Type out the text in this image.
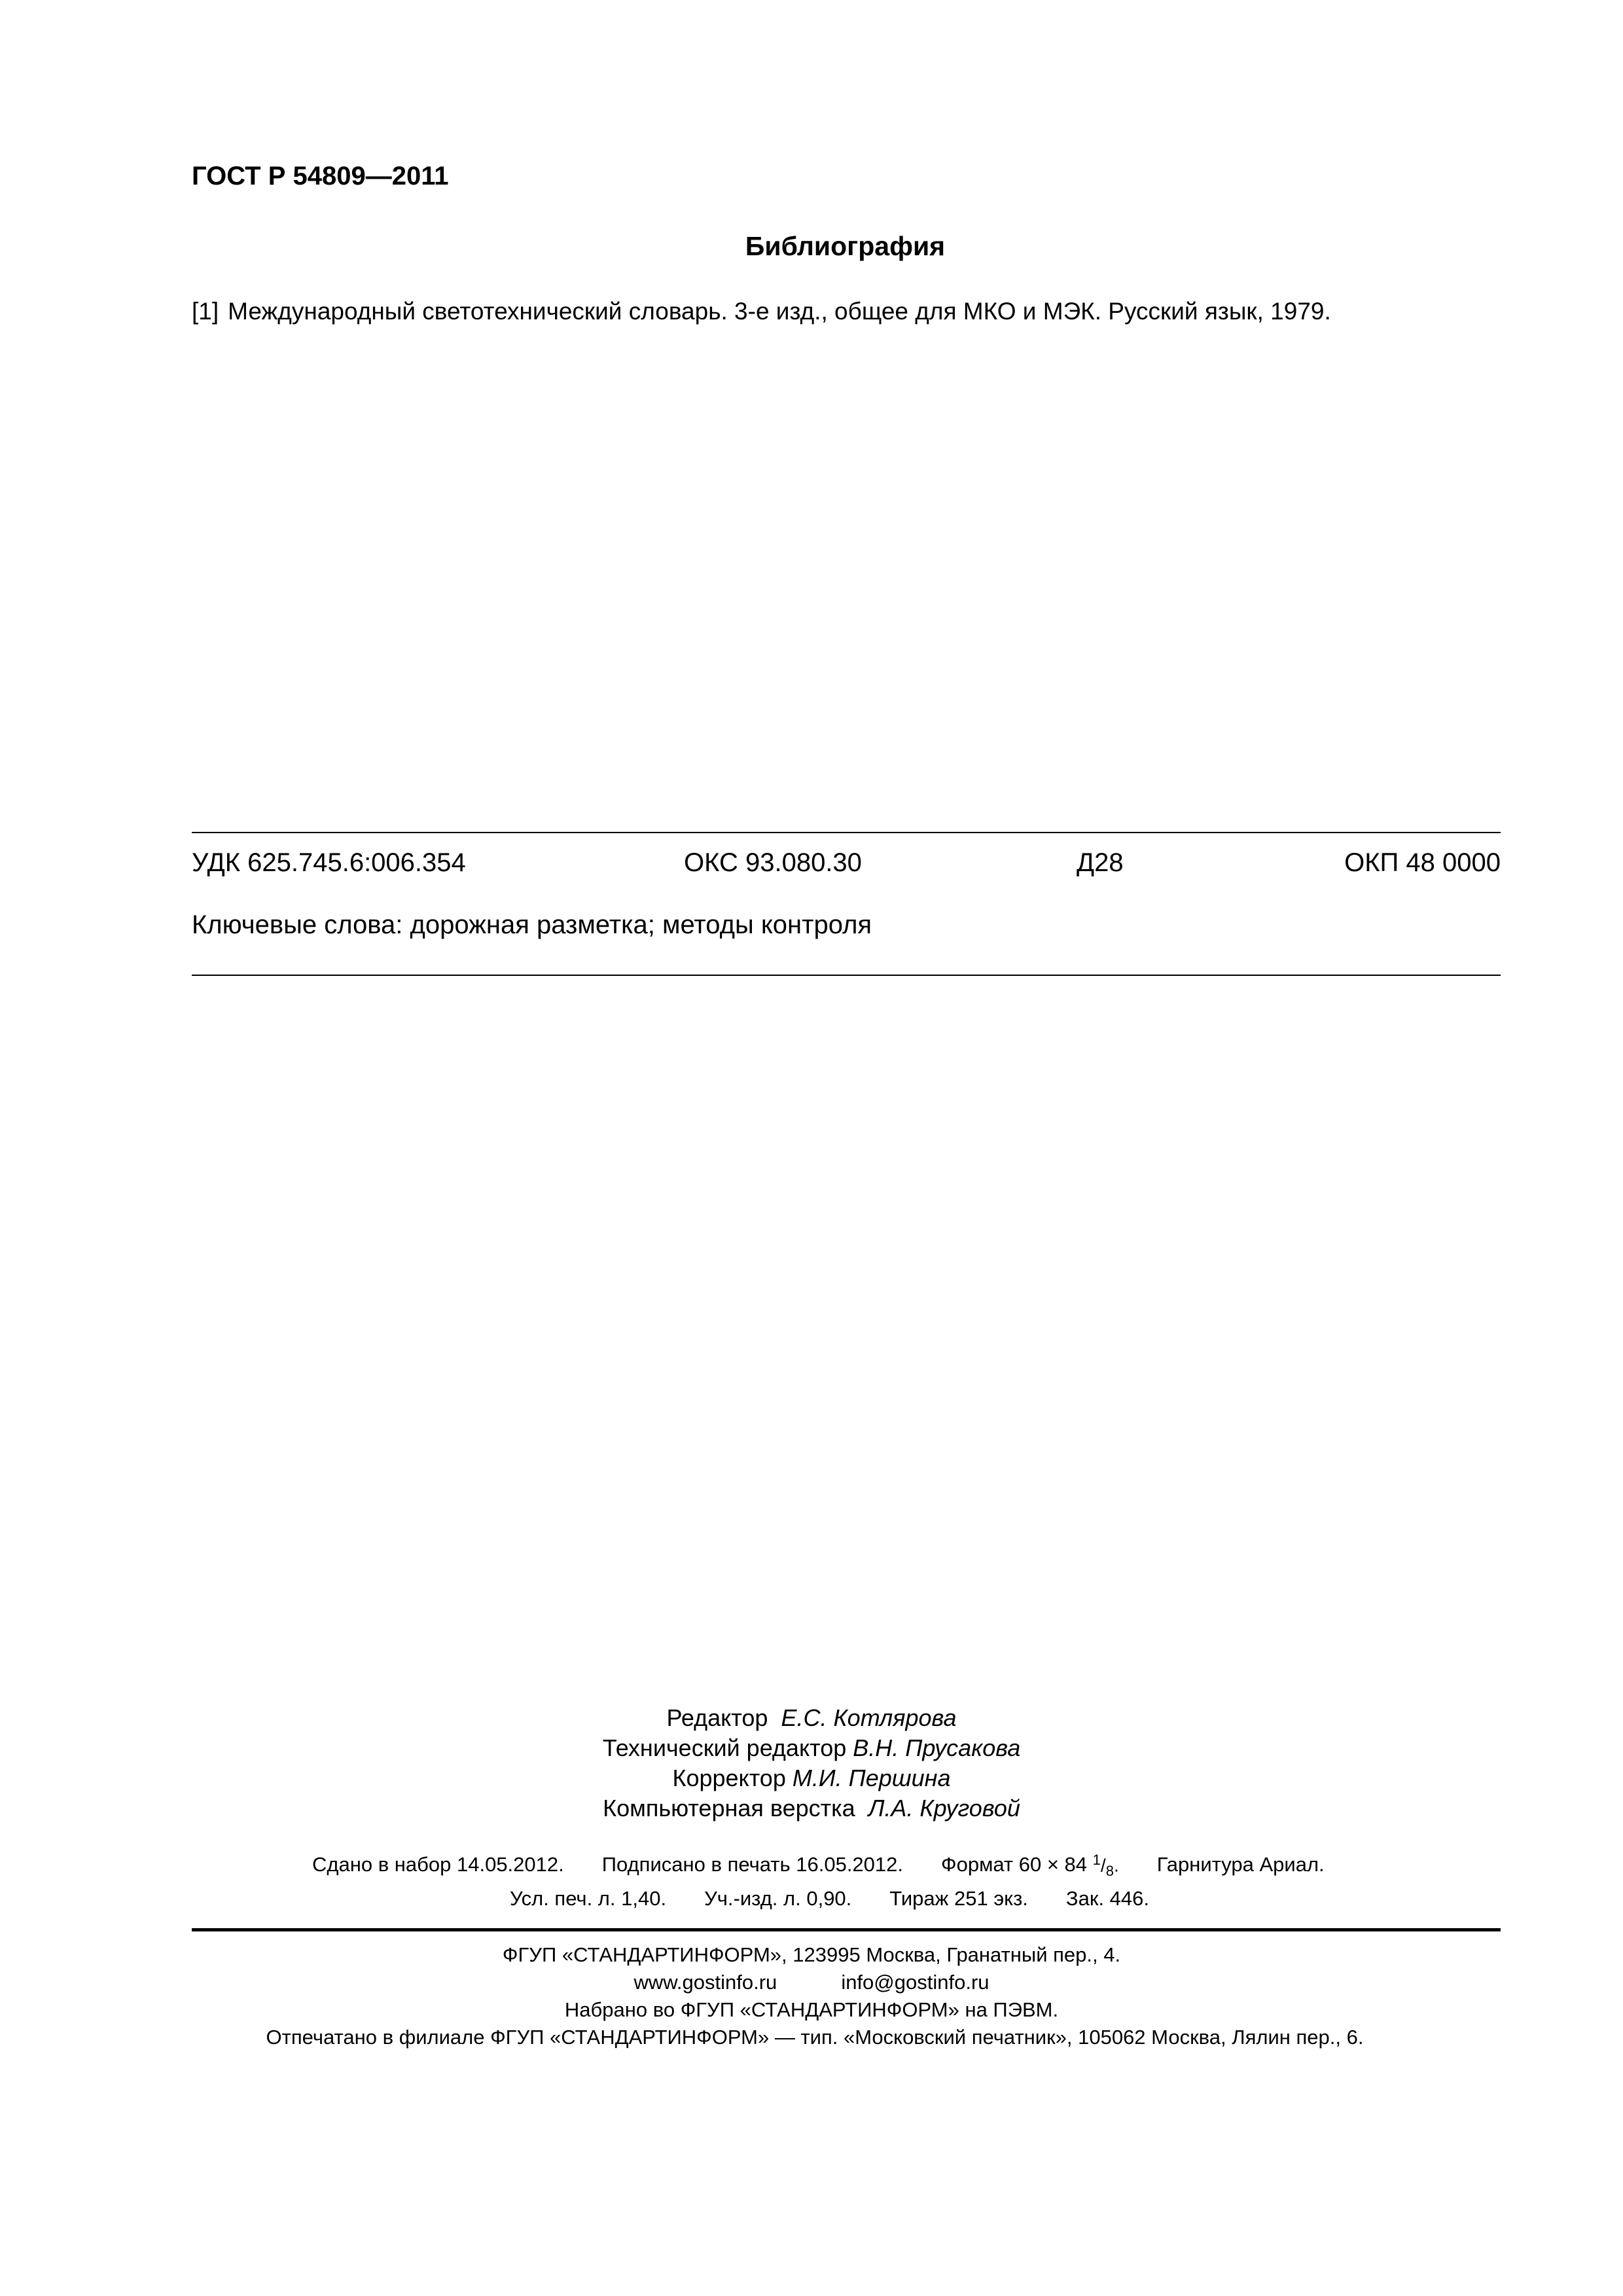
ГОСТ Р 54809—2011
Библиография
[1] Международный светотехнический словарь. 3-е изд., общее для МКО и МЭК. Русский язык, 1979.
УДК 625.745.6:006.354	ОКС 93.080.30	Д28	ОКП 48 0000
Ключевые слова: дорожная разметка; методы контроля
Редактор Е.С. Котлярова
Технический редактор В.Н. Прусакова
Корректор М.И. Першина
Компьютерная верстка Л.А. Круговой
Сдано в набор 14.05.2012. Подписано в печать 16.05.2012. Формат 60 × 84 $^1/_8$. Гарнитура Ариал.
Усл. печ. л. 1,40. Уч.-изд. л. 0,90. Тираж 251 экз. Зак. 446.
ФГУП «СТАНДАРТИНФОРМ», 123995 Москва, Гранатный пер., 4.
www.gostinfo.ru	info@gostinfo.ru
Набрано во ФГУП «СТАНДАРТИНФОРМ» на ПЭВМ.
Отпечатано в филиале ФГУП «СТАНДАРТИНФОРМ» — тип. «Московский печатник», 105062 Москва, Лялин пер., 6.
